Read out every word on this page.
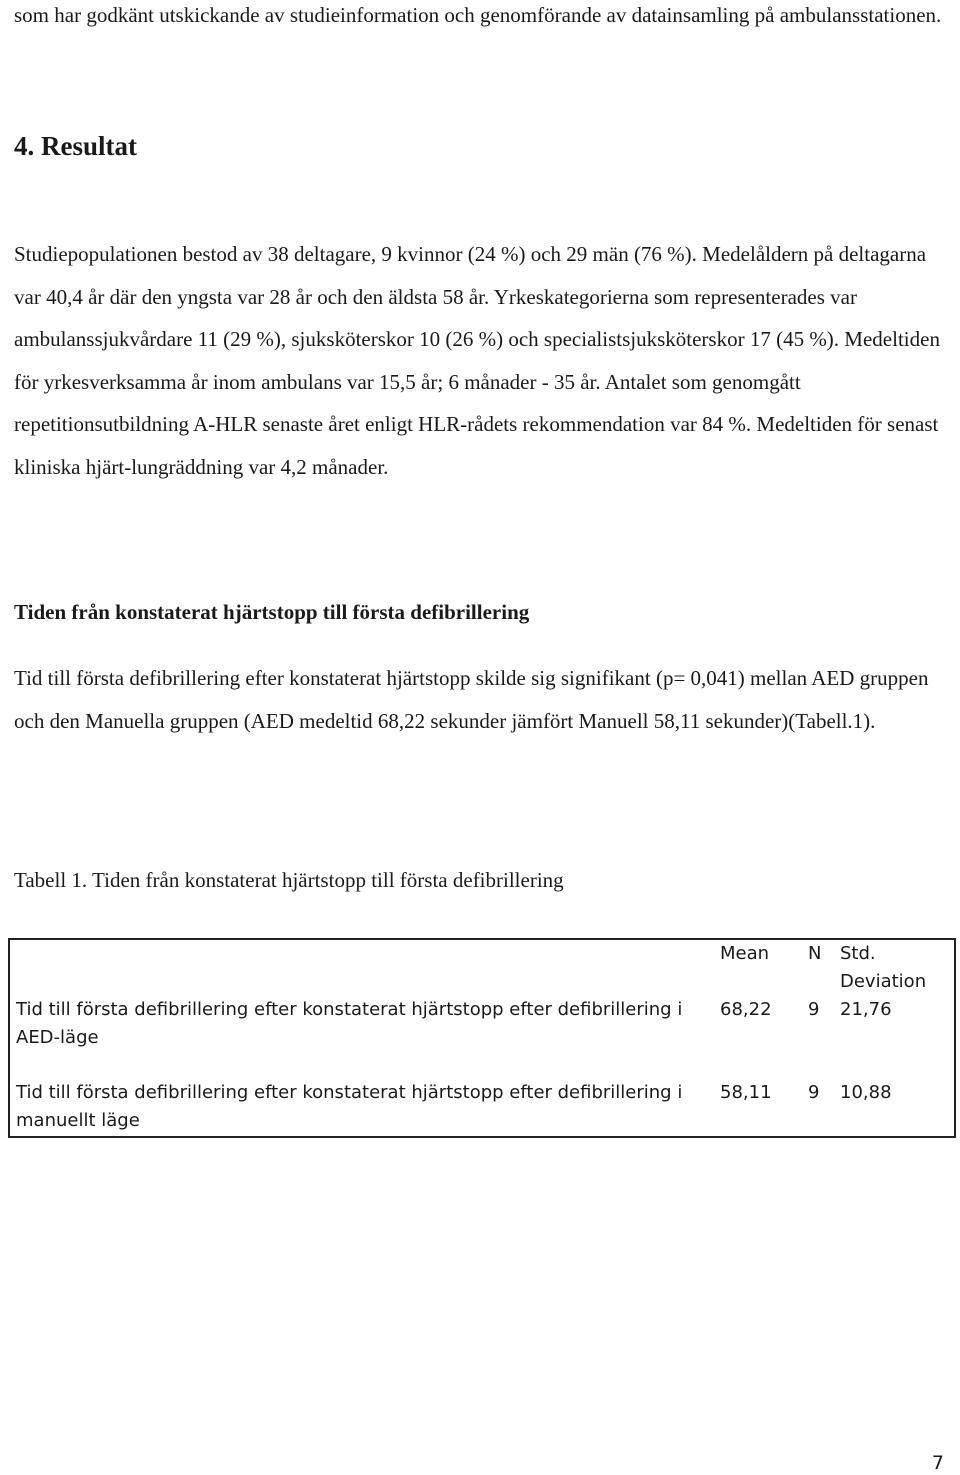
som har godkänt utskickande av studieinformation och genomförande av datainsamling på ambulansstationen.

4. Resultat

Studiepopulationen bestod av 38 deltagare, 9 kvinnor (24 %) och 29 män (76 %). Medelåldern på deltagarna var 40,4 år där den yngsta var 28 år och den äldsta 58 år. Yrkeskategorierna som representerades var ambulanssjukvårdare 11 (29 %), sjuksköterskor 10 (26 %) och specialistsjuksköterskor 17 (45 %). Medeltiden för yrkesverksamma år inom ambulans var 15,5 år; 6 månader - 35 år. Antalet som genomgått repetitionsutbildning A-HLR senaste året enligt HLR-rådets rekommendation var 84 %. Medeltiden för senast kliniska hjärt-lungräddning var 4,2 månader.

Tiden från konstaterat hjärtstopp till första defibrillering

Tid till första defibrillering efter konstaterat hjärtstopp skilde sig signifikant (p= 0,041) mellan AED gruppen och den Manuella gruppen (AED medeltid 68,22 sekunder jämfört Manuell 58,11 sekunder)(Tabell.1).

Tabell 1. Tiden från konstaterat hjärtstopp till första defibrillering

	Mean	N	Std. Deviation
Tid till första defibrillering efter konstaterat hjärtstopp efter defibrillering i AED-läge	68,22	9	21,76
Tid till första defibrillering efter konstaterat hjärtstopp efter defibrillering i manuellt läge	58,11	9	10,88
7
